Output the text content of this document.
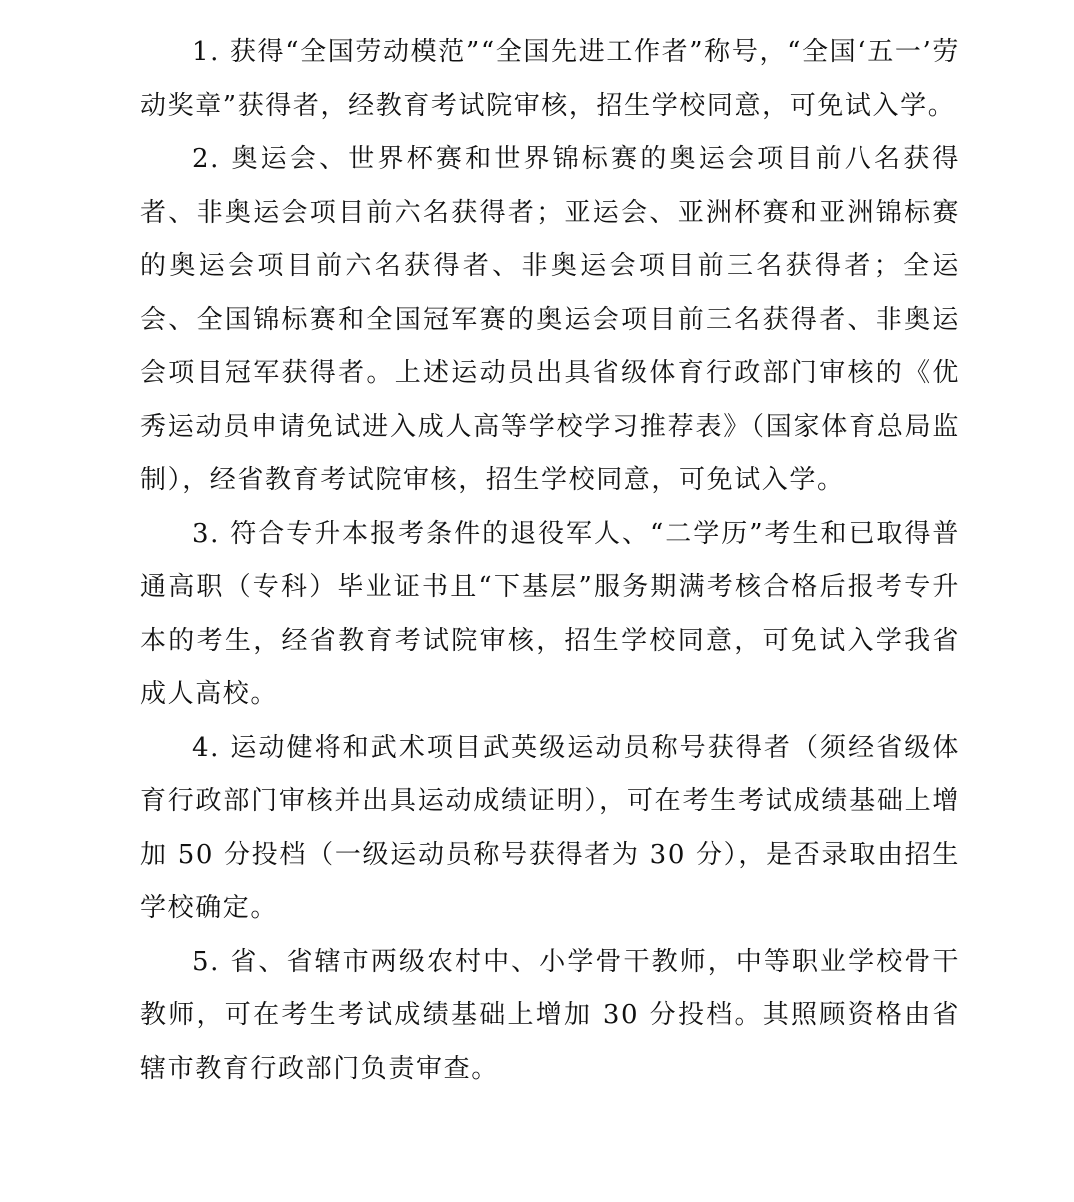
1. 获得“全国劳动模范”“全国先进工作者”称号，“全国‘五一’劳动奖章”获得者，经教育考试院审核，招生学校同意，可免试入学。

2. 奥运会、世界杯赛和世界锦标赛的奥运会项目前八名获得者、非奥运会项目前六名获得者；亚运会、亚洲杯赛和亚洲锦标赛的奥运会项目前六名获得者、非奥运会项目前三名获得者；全运会、全国锦标赛和全国冠军赛的奥运会项目前三名获得者、非奥运会项目冠军获得者。上述运动员出具省级体育行政部门审核的《优秀运动员申请免试进入成人高等学校学习推荐表》（国家体育总局监制），经省教育考试院审核，招生学校同意，可免试入学。

3. 符合专升本报考条件的退役军人、“二学历”考生和已取得普通高职（专科）毕业证书且“下基层”服务期满考核合格后报考专升本的考生，经省教育考试院审核，招生学校同意，可免试入学我省成人高校。

4. 运动健将和武术项目武英级运动员称号获得者（须经省级体育行政部门审核并出具运动成绩证明），可在考生考试成绩基础上增加 50 分投档（一级运动员称号获得者为 30 分），是否录取由招生学校确定。

5. 省、省辖市两级农村中、小学骨干教师，中等职业学校骨干教师，可在考生考试成绩基础上增加 30 分投档。其照顾资格由省辖市教育行政部门负责审查。
